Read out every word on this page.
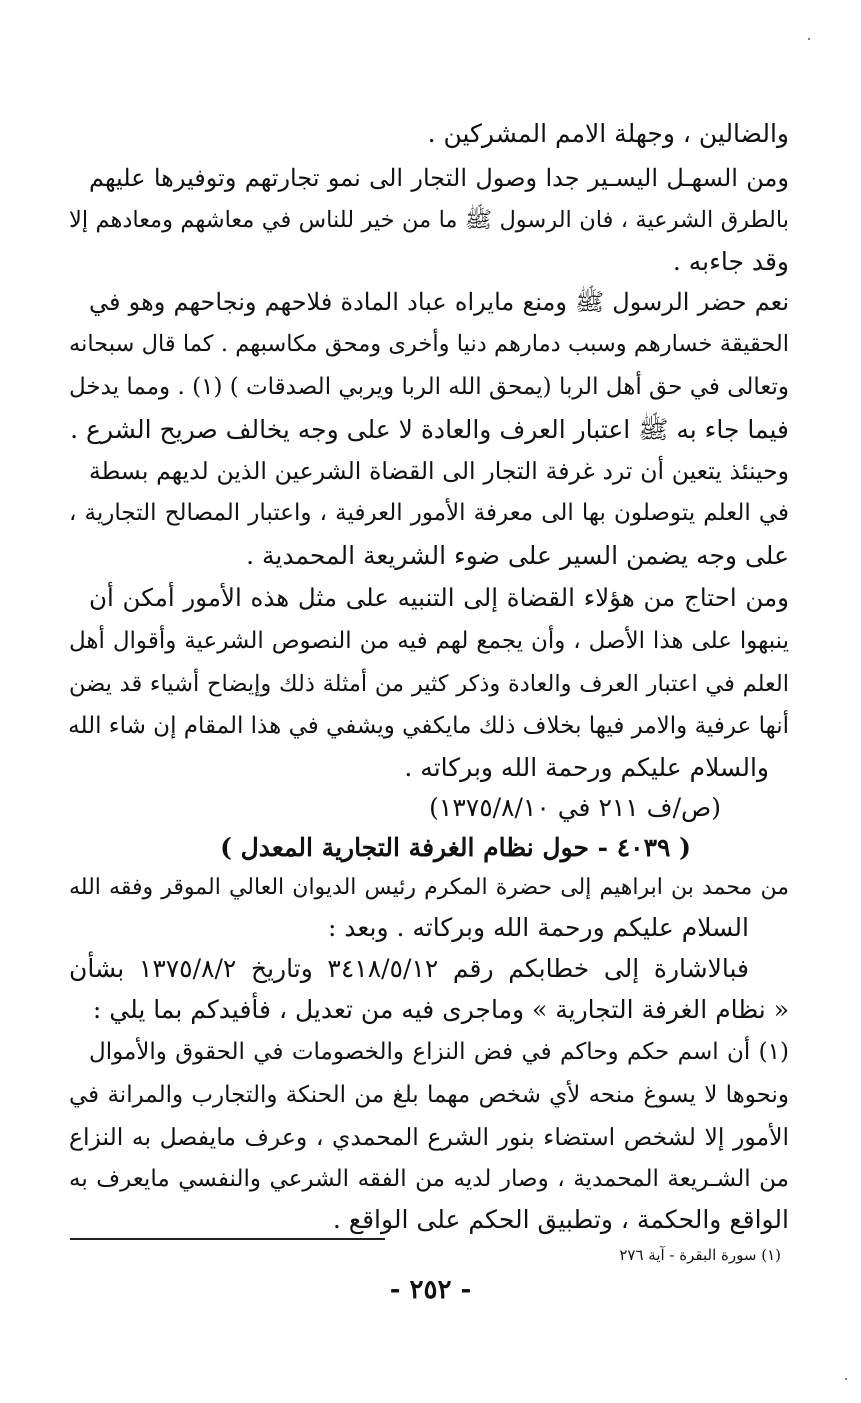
والضالين ، وجهلة الامم المشركين .
ومن السهـل اليسـير جدا وصول التجار الى نمو تجارتهم وتوفيرها عليهم
بالطرق الشرعية ، فان الرسول ﷺ ما من خير للناس في معاشهم ومعادهم إلا
وقد جاءبه .
نعم حضر الرسول ﷺ ومنع مايراه عباد المادة فلاحهم ونجاحهم وهو في
الحقيقة خسارهم وسبب دمارهم دنيا وأخرى ومحق مكاسبهم . كما قال سبحانه
وتعالى في حق أهل الربا (يمحق الله الربا ويربي الصدقات ) (١) . ومما يدخل
فيما جاء به ﷺ اعتبار العرف والعادة لا على وجه يخالف صريح الشرع .
وحينئذ يتعين أن ترد غرفة التجار الى القضاة الشرعين الذين لديهم بسطة
في العلم يتوصلون بها الى معرفة الأمور العرفية ، واعتبار المصالح التجارية ،
على وجه يضمن السير على ضوء الشريعة المحمدية .
ومن احتاج من هؤلاء القضاة إلى التنبيه على مثل هذه الأمور أمكن أن
ينبهوا على هذا الأصل ، وأن يجمع لهم فيه من النصوص الشرعية وأقوال أهل
العلم في اعتبار العرف والعادة وذكر كثير من أمثلة ذلك وإيضاح أشياء قد يضن
أنها عرفية والامر فيها بخلاف ذلك مايكفي ويشفي في هذا المقام إن شاء الله
والسلام عليكم ورحمة الله وبركاته .
(ص/ف ٢١١ في ١٣٧٥/٨/١٠)
( ٤٠٣٩ - حول نظام الغرفة التجارية المعدل )
من محمد بن ابراهيم إلى حضرة المكرم رئيس الديوان العالي الموقر وفقه الله
السلام عليكم ورحمة الله وبركاته . وبعد :
فبالاشارة إلى خطابكم رقم ٣٤١٨/٥/١٢ وتاريخ ١٣٧٥/٨/٢ بشأن
« نظام الغرفة التجارية » وماجرى فيه من تعديل ، فأفيدكم بما يلي :
(١) أن اسم حكم وحاكم في فض النزاع والخصومات في الحقوق والأموال
ونحوها لا يسوغ منحه لأي شخص مهما بلغ من الحنكة والتجارب والمرانة في
الأمور إلا لشخص استضاء بنور الشرع المحمدي ، وعرف مايفصل به النزاع
من الشـريعة المحمدية ، وصار لديه من الفقه الشرعي والنفسي مايعرف به
الواقع والحكمة ، وتطبيق الحكم على الواقع .
(١) سورة البقرة - آية ٢٧٦
- ٢٥٢ -
